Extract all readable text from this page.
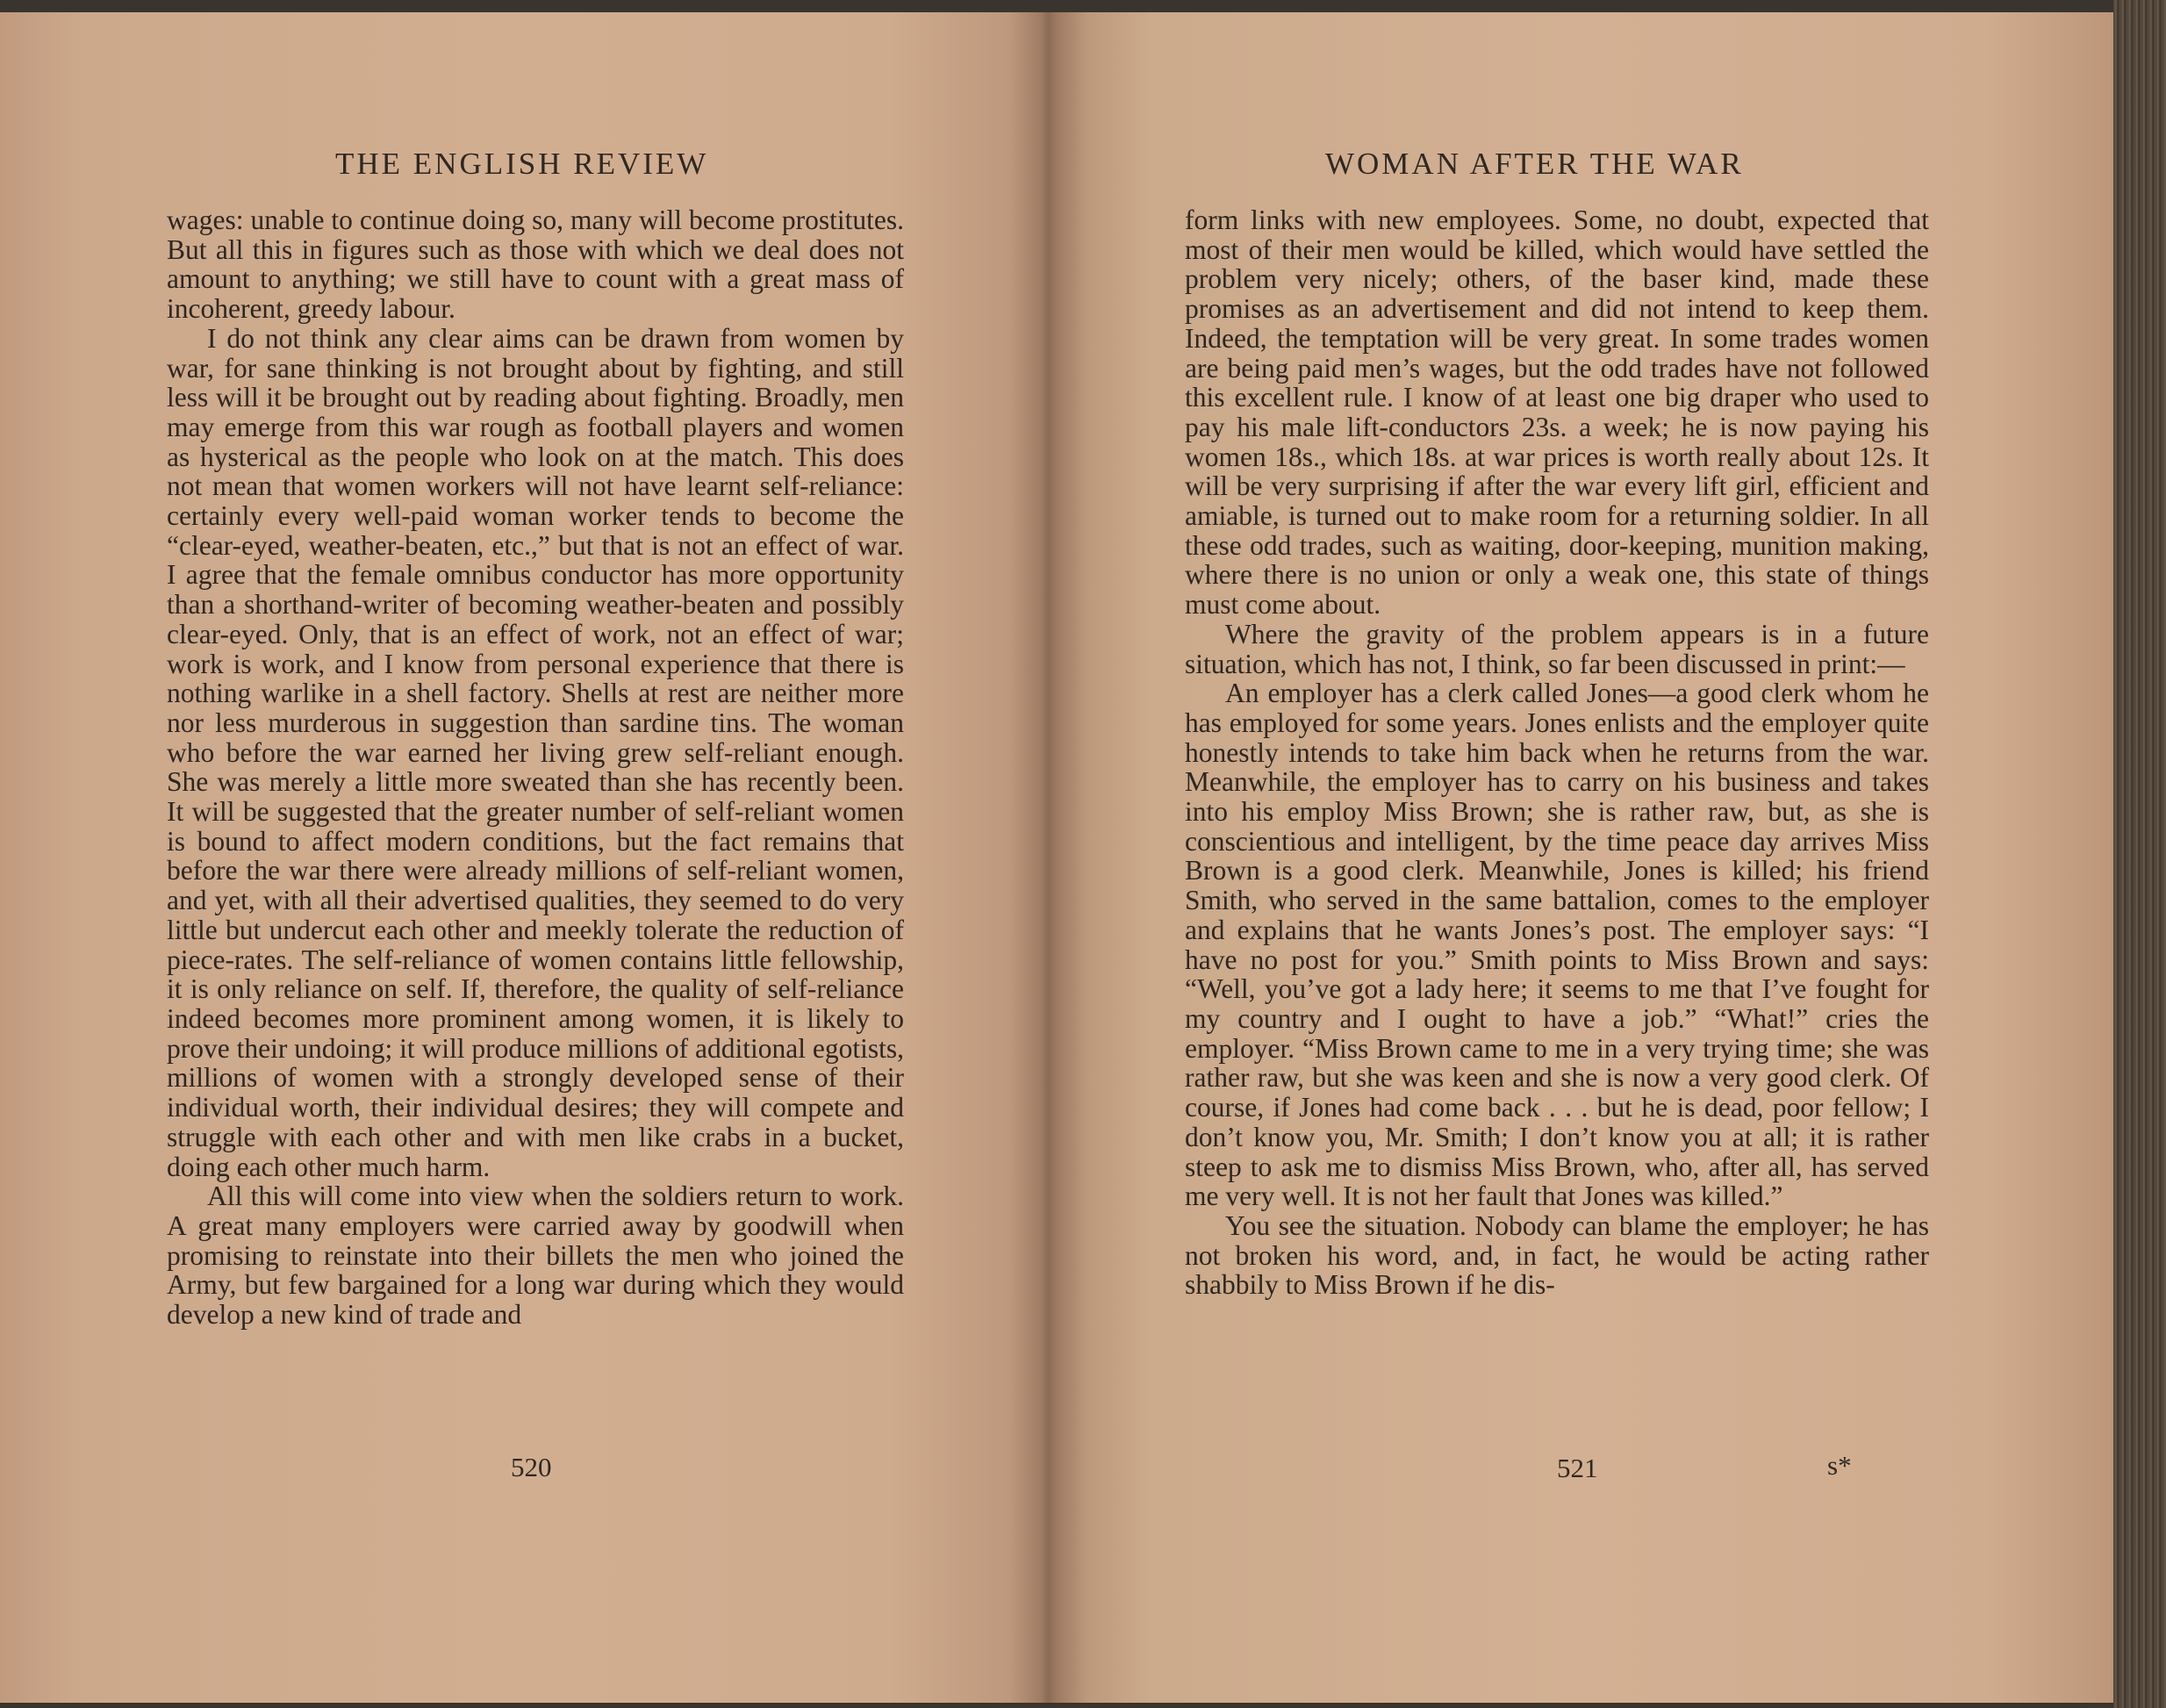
THE ENGLISH REVIEW

wages: unable to continue doing so, many will become prostitutes. But all this in figures such as those with which we deal does not amount to anything; we still have to count with a great mass of incoherent, greedy labour.

I do not think any clear aims can be drawn from women by war, for sane thinking is not brought about by fighting, and still less will it be brought out by reading about fighting. Broadly, men may emerge from this war rough as football players and women as hysterical as the people who look on at the match. This does not mean that women workers will not have learnt self-reliance: certainly every well-paid woman worker tends to become the “clear-eyed, weather-beaten, etc.,” but that is not an effect of war. I agree that the female omnibus conductor has more opportunity than a shorthand-writer of becoming weather-beaten and possibly clear-eyed. Only, that is an effect of work, not an effect of war; work is work, and I know from personal experience that there is nothing warlike in a shell factory. Shells at rest are neither more nor less murderous in suggestion than sardine tins. The woman who before the war earned her living grew self-reliant enough. She was merely a little more sweated than she has recently been. It will be suggested that the greater number of self-reliant women is bound to affect modern conditions, but the fact remains that before the war there were already millions of self-reliant women, and yet, with all their advertised qualities, they seemed to do very little but undercut each other and meekly tolerate the reduction of piece-rates. The self-reliance of women contains little fellowship, it is only reliance on self. If, therefore, the quality of self-reliance indeed becomes more prominent among women, it is likely to prove their undoing; it will produce millions of additional egotists, millions of women with a strongly developed sense of their individual worth, their individual desires; they will compete and struggle with each other and with men like crabs in a bucket, doing each other much harm.

All this will come into view when the soldiers return to work. A great many employers were carried away by goodwill when promising to reinstate into their billets the men who joined the Army, but few bargained for a long war during which they would develop a new kind of trade and

520
WOMAN AFTER THE WAR

form links with new employees. Some, no doubt, expected that most of their men would be killed, which would have settled the problem very nicely; others, of the baser kind, made these promises as an advertisement and did not intend to keep them. Indeed, the temptation will be very great. In some trades women are being paid men’s wages, but the odd trades have not followed this excellent rule. I know of at least one big draper who used to pay his male lift-conductors 23s. a week; he is now paying his women 18s., which 18s. at war prices is worth really about 12s. It will be very surprising if after the war every lift girl, efficient and amiable, is turned out to make room for a returning soldier. In all these odd trades, such as waiting, door-keeping, munition making, where there is no union or only a weak one, this state of things must come about.

Where the gravity of the problem appears is in a future situation, which has not, I think, so far been discussed in print:—

An employer has a clerk called Jones—a good clerk whom he has employed for some years. Jones enlists and the employer quite honestly intends to take him back when he returns from the war. Meanwhile, the employer has to carry on his business and takes into his employ Miss Brown; she is rather raw, but, as she is conscientious and intelligent, by the time peace day arrives Miss Brown is a good clerk. Meanwhile, Jones is killed; his friend Smith, who served in the same battalion, comes to the employer and explains that he wants Jones’s post. The employer says: “I have no post for you.” Smith points to Miss Brown and says: “Well, you’ve got a lady here; it seems to me that I’ve fought for my country and I ought to have a job.” “What!” cries the employer. “Miss Brown came to me in a very trying time; she was rather raw, but she was keen and she is now a very good clerk. Of course, if Jones had come back . . . but he is dead, poor fellow; I don’t know you, Mr. Smith; I don’t know you at all; it is rather steep to ask me to dismiss Miss Brown, who, after all, has served me very well. It is not her fault that Jones was killed.”

You see the situation. Nobody can blame the employer; he has not broken his word, and, in fact, he would be acting rather shabbily to Miss Brown if he dis-

521	s*
